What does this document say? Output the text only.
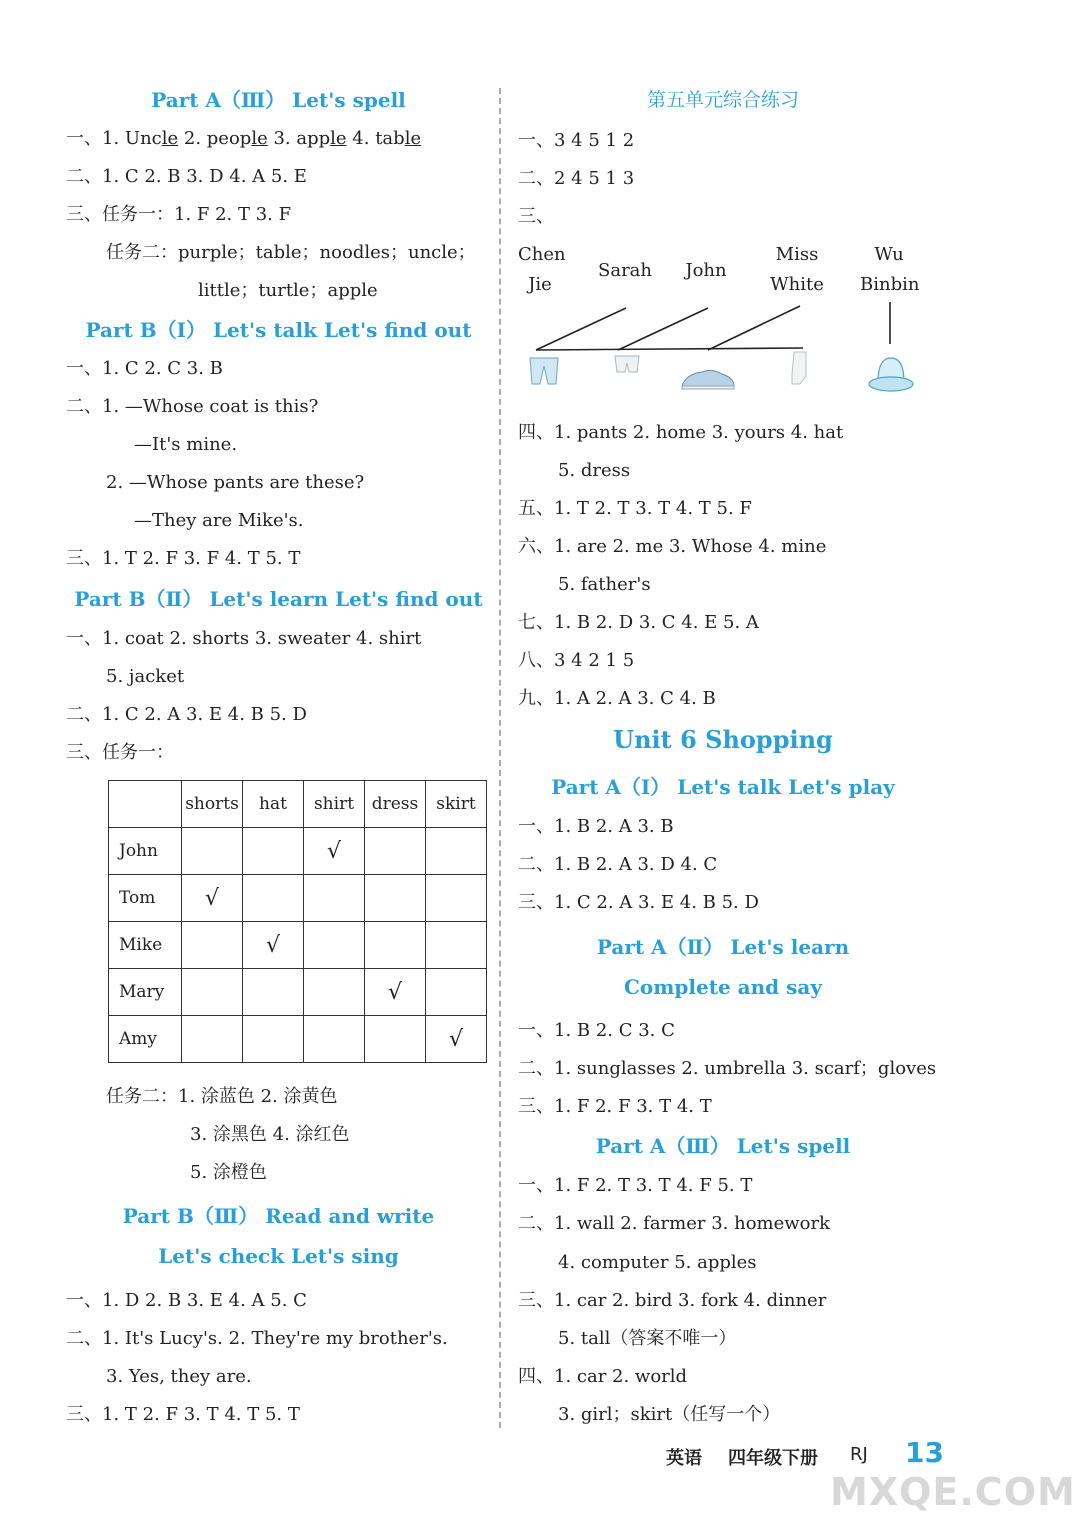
Part A（Ⅲ） Let's spell
一、1. Uncle 2. people 3. apple 4. table
二、1. C 2. B 3. D 4. A 5. E
三、任务一：1. F 2. T 3. F
任务二：purple；table；noodles；uncle；
little；turtle；apple
Part B（Ⅰ） Let's talk Let's find out
一、1. C 2. C 3. B
二、1. —Whose coat is this?
—It's mine.
2. —Whose pants are these?
—They are Mike's.
三、1. T 2. F 3. F 4. T 5. T
Part B（Ⅱ） Let's learn Let's find out
一、1. coat 2. shorts 3. sweater 4. shirt
5. jacket
二、1. C 2. A 3. E 4. B 5. D
三、任务一：
	shorts	hat	shirt	dress	skirt
John			√		
Tom	√				
Mike		√			
Mary				√	
Amy					√
任务二：1. 涂蓝色 2. 涂黄色
3. 涂黑色 4. 涂红色
5. 涂橙色
Part B（Ⅲ） Read and write
Let's check Let's sing
一、1. D 2. B 3. E 4. A 5. C
二、1. It's Lucy's. 2. They're my brother's.
3. Yes, they are.
三、1. T 2. F 3. T 4. T 5. T
第五单元综合练习
一、3 4 5 1 2
二、2 4 5 1 3
三、
Chen
Jie
Sarah John
Miss
White
Wu
Binbin
四、1. pants 2. home 3. yours 4. hat
5. dress
五、1. T 2. T 3. T 4. T 5. F
六、1. are 2. me 3. Whose 4. mine
5. father's
七、1. B 2. D 3. C 4. E 5. A
八、3 4 2 1 5
九、1. A 2. A 3. C 4. B
Unit 6 Shopping
Part A（Ⅰ） Let's talk Let's play
一、1. B 2. A 3. B
二、1. B 2. A 3. D 4. C
三、1. C 2. A 3. E 4. B 5. D
Part A（Ⅱ） Let's learn
Complete and say
一、1. B 2. C 3. C
二、1. sunglasses 2. umbrella 3. scarf；gloves
三、1. F 2. F 3. T 4. T
Part A（Ⅲ） Let's spell
一、1. F 2. T 3. T 4. F 5. T
二、1. wall 2. farmer 3. homework
4. computer 5. apples
三、1. car 2. bird 3. fork 4. dinner
5. tall（答案不唯一）
四、1. car 2. world
3. girl；skirt（任写一个）
英语 四年级下册 RJ 13
MXQE.COM
